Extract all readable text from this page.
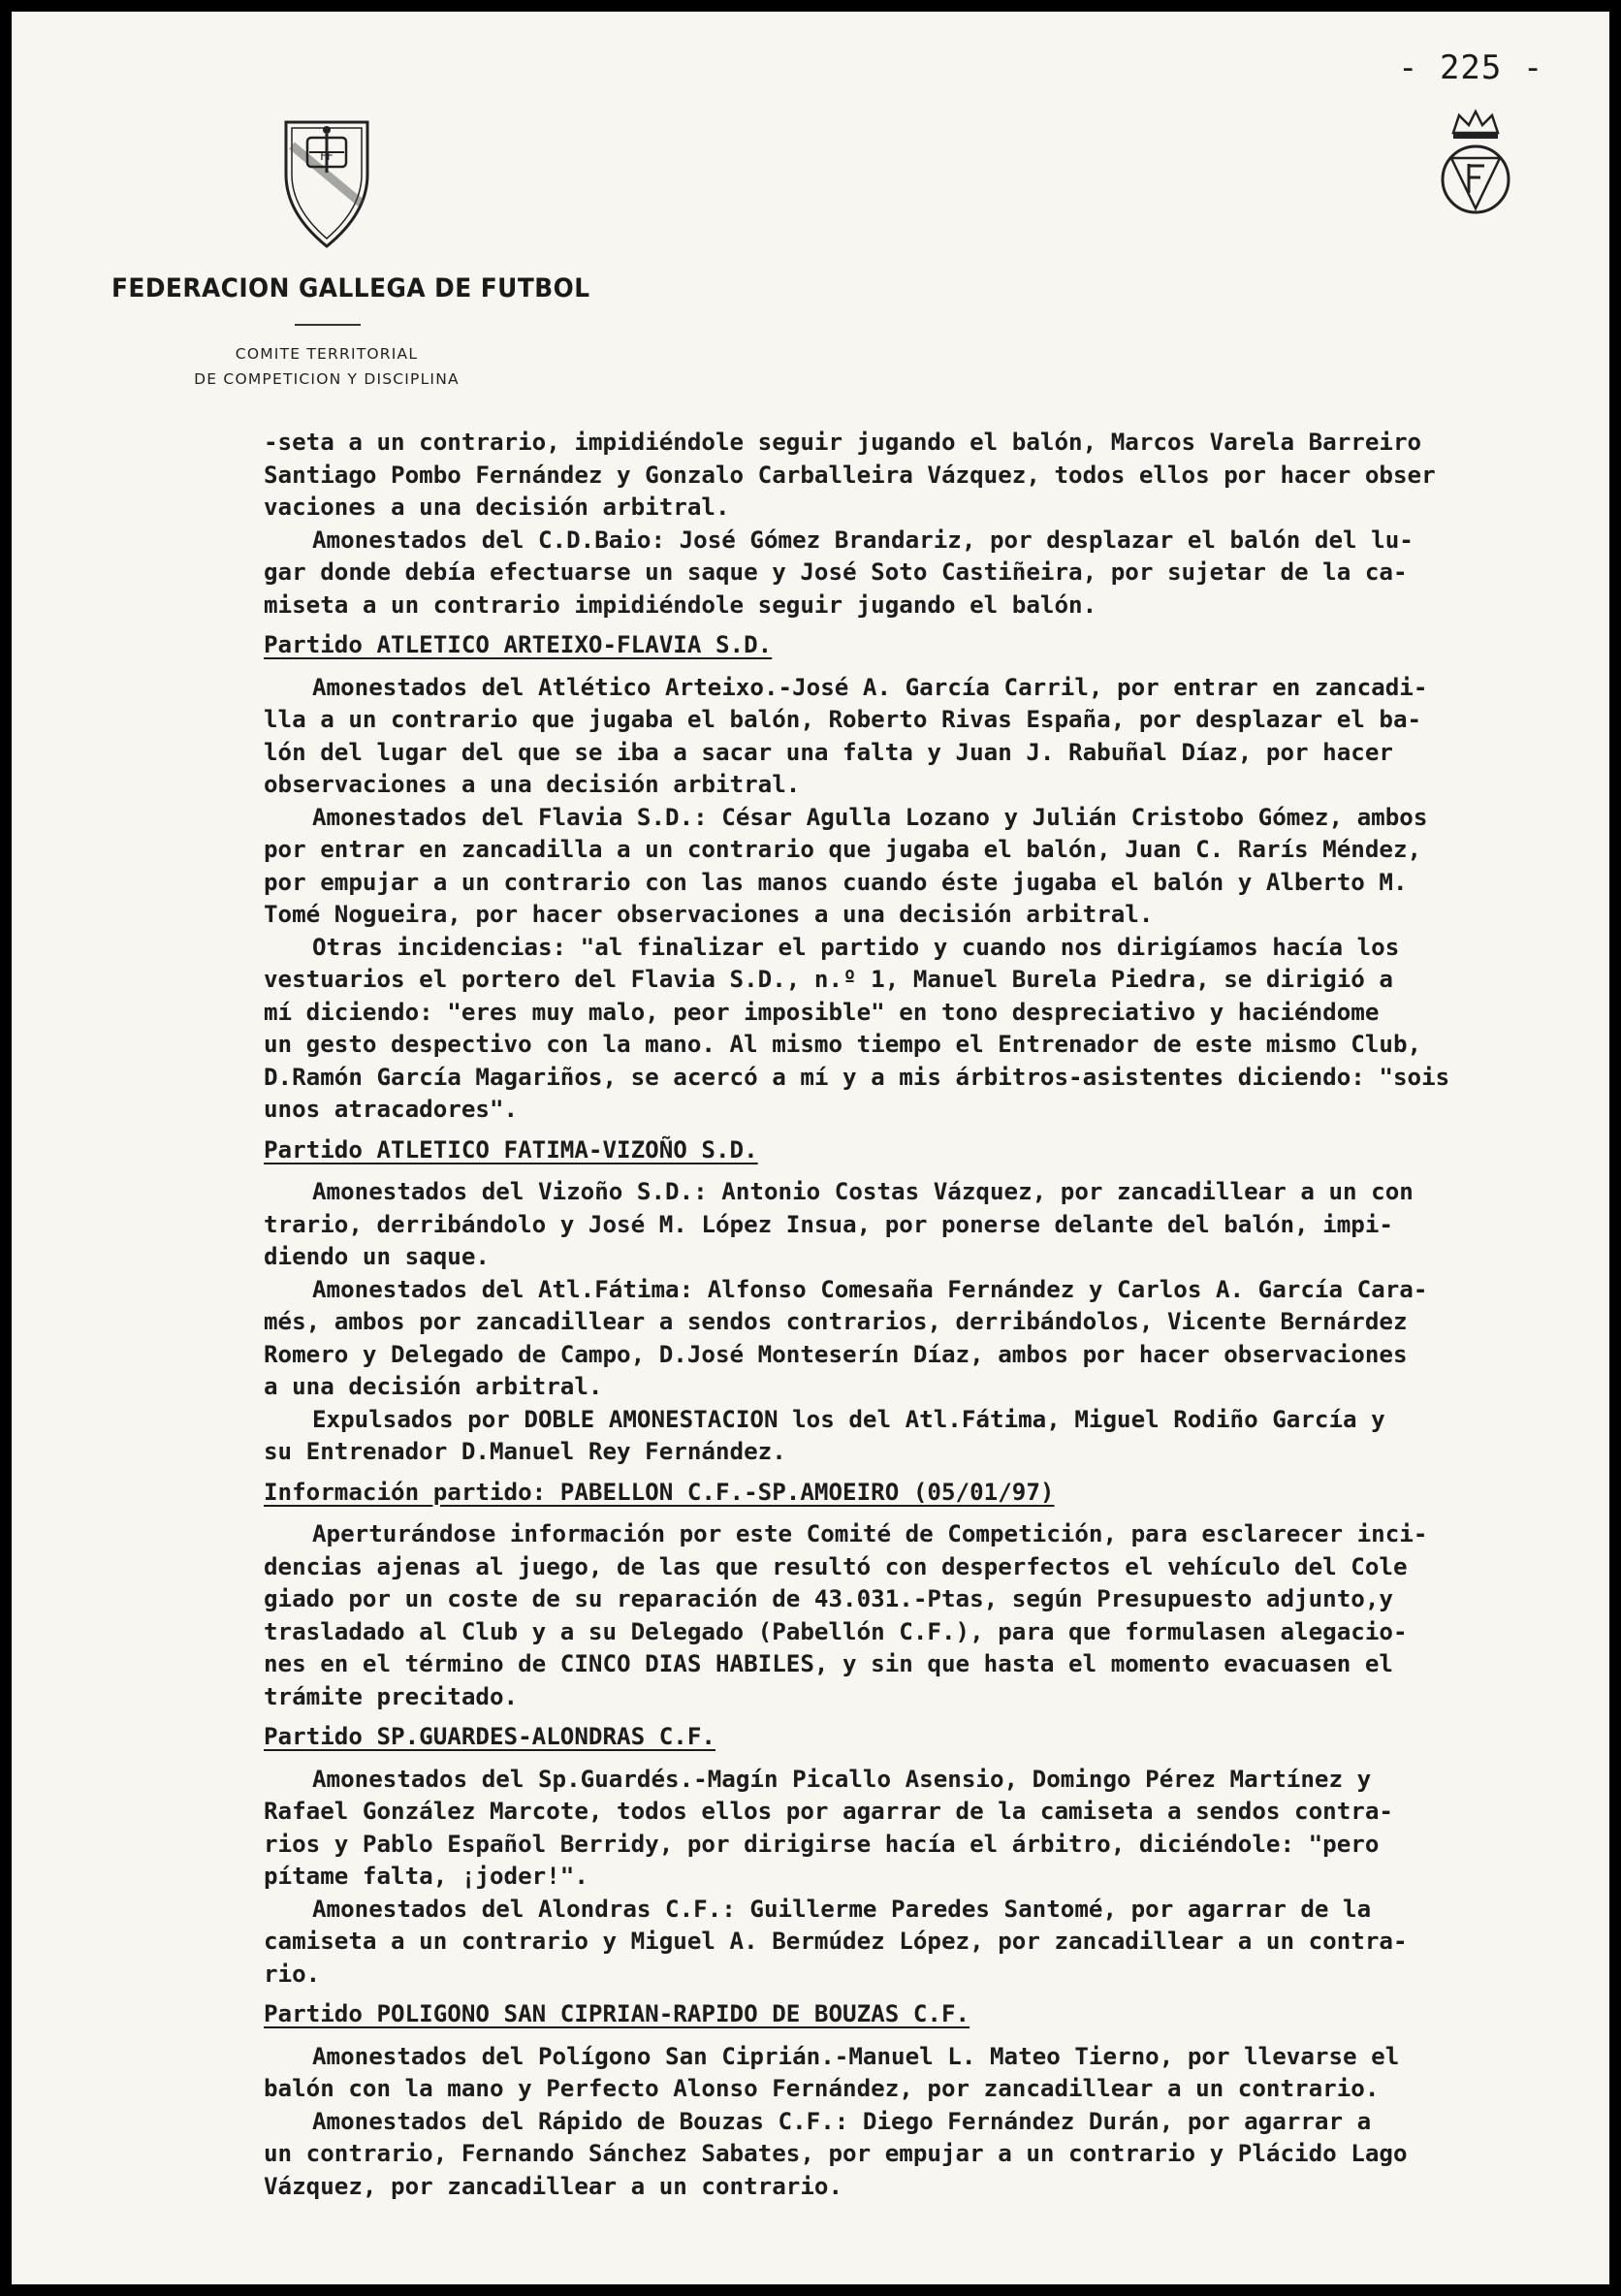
- 225 -
FF
FEDERACION GALLEGA DE FUTBOL
COMITE TERRITORIAL
DE COMPETICION Y DISCIPLINA

-seta a un contrario, impidiéndole seguir jugando el balón, Marcos Varela Barreiro

Santiago Pombo Fernández y Gonzalo Carballeira Vázquez, todos ellos por hacer obser

vaciones a una decisión arbitral.

Amonestados del C.D.Baio: José Gómez Brandariz, por desplazar el balón del lu-

gar donde debía efectuarse un saque y José Soto Castiñeira, por sujetar de la ca-

miseta a un contrario impidiéndole seguir jugando el balón.

Partido ATLETICO ARTEIXO-FLAVIA S.D.

Amonestados del Atlético Arteixo.-José A. García Carril, por entrar en zancadi-

lla a un contrario que jugaba el balón, Roberto Rivas España, por desplazar el ba-

lón del lugar del que se iba a sacar una falta y Juan J. Rabuñal Díaz, por hacer

observaciones a una decisión arbitral.

Amonestados del Flavia S.D.: César Agulla Lozano y Julián Cristobo Gómez, ambos

por entrar en zancadilla a un contrario que jugaba el balón, Juan C. Rarís Méndez,

por empujar a un contrario con las manos cuando éste jugaba el balón y Alberto M.

Tomé Nogueira, por hacer observaciones a una decisión arbitral.

Otras incidencias: "al finalizar el partido y cuando nos dirigíamos hacía los

vestuarios el portero del Flavia S.D., n.º 1, Manuel Burela Piedra, se dirigió a

mí diciendo: "eres muy malo, peor imposible" en tono despreciativo y haciéndome

un gesto despectivo con la mano. Al mismo tiempo el Entrenador de este mismo Club,

D.Ramón García Magariños, se acercó a mí y a mis árbitros-asistentes diciendo: "sois

unos atracadores".

Partido ATLETICO FATIMA-VIZOÑO S.D.

Amonestados del Vizoño S.D.: Antonio Costas Vázquez, por zancadillear a un con

trario, derribándolo y José M. López Insua, por ponerse delante del balón, impi-

diendo un saque.

Amonestados del Atl.Fátima: Alfonso Comesaña Fernández y Carlos A. García Cara-

més, ambos por zancadillear a sendos contrarios, derribándolos, Vicente Bernárdez

Romero y Delegado de Campo, D.José Monteserín Díaz, ambos por hacer observaciones

a una decisión arbitral.

Expulsados por DOBLE AMONESTACION los del Atl.Fátima, Miguel Rodiño García y

su Entrenador D.Manuel Rey Fernández.

Información partido: PABELLON C.F.-SP.AMOEIRO (05/01/97)

Aperturándose información por este Comité de Competición, para esclarecer inci-

dencias ajenas al juego, de las que resultó con desperfectos el vehículo del Cole

giado por un coste de su reparación de 43.031.-Ptas, según Presupuesto adjunto,y

trasladado al Club y a su Delegado (Pabellón C.F.), para que formulasen alegacio-

nes en el término de CINCO DIAS HABILES, y sin que hasta el momento evacuasen el

trámite precitado.

Partido SP.GUARDES-ALONDRAS C.F.

Amonestados del Sp.Guardés.-Magín Picallo Asensio, Domingo Pérez Martínez y

Rafael González Marcote, todos ellos por agarrar de la camiseta a sendos contra-

rios y Pablo Español Berridy, por dirigirse hacía el árbitro, diciéndole: "pero

pítame falta, ¡joder!".

Amonestados del Alondras C.F.: Guillerme Paredes Santomé, por agarrar de la

camiseta a un contrario y Miguel A. Bermúdez López, por zancadillear a un contra-

rio.

Partido POLIGONO SAN CIPRIAN-RAPIDO DE BOUZAS C.F.

Amonestados del Polígono San Ciprián.-Manuel L. Mateo Tierno, por llevarse el

balón con la mano y Perfecto Alonso Fernández, por zancadillear a un contrario.

Amonestados del Rápido de Bouzas C.F.: Diego Fernández Durán, por agarrar a

un contrario, Fernando Sánchez Sabates, por empujar a un contrario y Plácido Lago

Vázquez, por zancadillear a un contrario.
